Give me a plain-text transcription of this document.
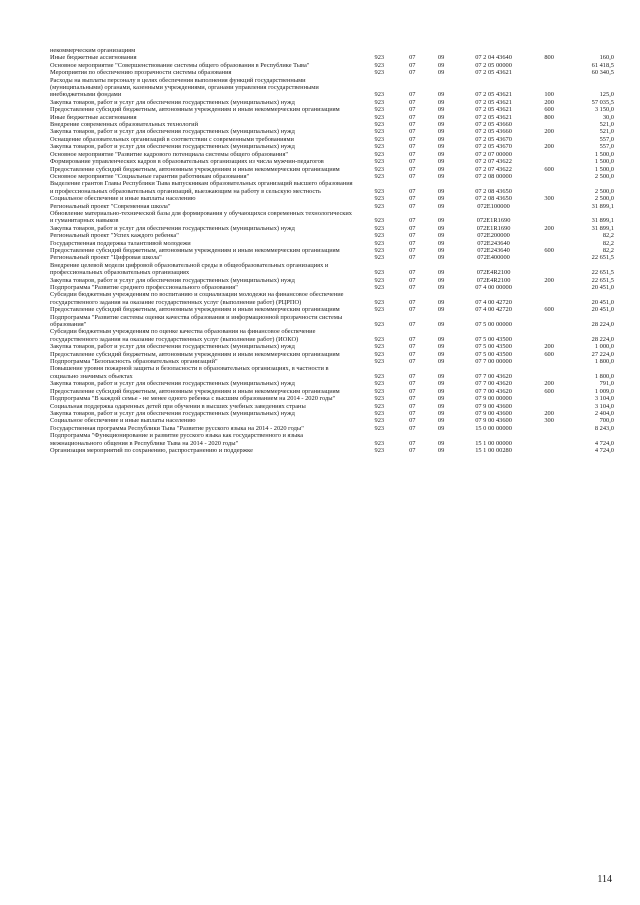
некоммерческим организациям						
Иные бюджетные ассигнования	923	07	09	07 2 04 43640	800	160,0
Основное мероприятие "Совершенствование системы общего образования в Республике Тыва"	923	07	09	07 2 05 00000		61 418,5
Мероприятия по обеспечению прозрачности системы образования	923	07	09	07 2 05 43621		60 340,5
Расходы на выплаты персоналу в целях обеспечения выполнения функций государственными (муниципальными) органами, казенными учреждениями, органами управления государственными внебюджетными фондами	923	07	09	07 2 05 43621	100	125,0
Закупка товаров, работ и услуг для обеспечения государственных (муниципальных) нужд	923	07	09	07 2 05 43621	200	57 035,5
Предоставление субсидий бюджетным, автономным учреждениям и иным некоммерческим организациям	923	07	09	07 2 05 43621	600	3 150,0
Иные бюджетные ассигнования	923	07	09	07 2 05 43621	800	30,0
Внедрение современных образовательных технологий	923	07	09	07 2 05 43660		521,0
Закупка товаров, работ и услуг для обеспечения государственных (муниципальных) нужд	923	07	09	07 2 05 43660	200	521,0
Оснащение образовательных организаций в соответствии с современными требованиями	923	07	09	07 2 05 43670		557,0
Закупка товаров, работ и услуг для обеспечения государственных (муниципальных) нужд	923	07	09	07 2 05 43670	200	557,0
Основное мероприятие "Развитие кадрового потенциала системы общего образования"	923	07	09	07 2 07 00000		1 500,0
Формирование управленческих кадров в образовательных организациях из числа мужчин-педагогов	923	07	09	07 2 07 43622		1 500,0
Предоставление субсидий бюджетным, автономным учреждениям и иным некоммерческим организациям	923	07	09	07 2 07 43622	600	1 500,0
Основное мероприятие "Социальные гарантии работникам образования"	923	07	09	07 2 08 00000		2 500,0
Выделение грантов Главы Республики Тыва выпускникам образовательных организаций высшего образования и профессиональных образовательных организаций, выезжающим на работу в сельскую местность	923	07	09	07 2 08 43650		2 500,0
Социальное обеспечение и иные выплаты населению	923	07	09	07 2 08 43650	300	2 500,0
Региональный проект "Современная школа"	923	07	09	072E100000		31 899,1
Обновление материально-технической базы для формирования у обучающихся современных технологических и гуманитарных навыков	923	07	09	072E1R1690		31 899,1
Закупка товаров, работ и услуг для обеспечения государственных (муниципальных) нужд	923	07	09	072E1R1690	200	31 899,1
Региональный проект "Успех каждого ребенка"	923	07	09	072E200000		82,2
Государственная поддержка талантливой молодежи	923	07	09	072E243640		82,2
Предоставление субсидий бюджетным, автономным учреждениям и иным некоммерческим организациям	923	07	09	072E243640	600	82,2
Региональный проект "Цифровая школа"	923	07	09	072E400000		22 651,5
Внедрение целевой модели цифровой образовательной среды в общеобразовательных организациях и профессиональных образовательных организациях	923	07	09	072E4R2100		22 651,5
Закупка товаров, работ и услуг для обеспечения государственных (муниципальных) нужд	923	07	09	072E4R2100	200	22 651,5
Подпрограмма "Развитие среднего профессионального образования"	923	07	09	07 4 00 00000		20 451,0
Субсидии бюджетным учреждениям по воспитанию и социализации молодежи на финансовое обеспечение государственного задания на оказание государственных услуг (выполнение работ) (РЦРПО)	923	07	09	07 4 00 42720		20 451,0
Предоставление субсидий бюджетным, автономным учреждениям и иным некоммерческим организациям	923	07	09	07 4 00 42720	600	20 451,0
Подпрограмма "Развитие системы оценки качества образования и информационной прозрачности системы образования"	923	07	09	07 5 00 00000		28 224,0
Субсидии бюджетным учреждениям по оценке качества образования на финансовое обеспечение государственного задания на оказание государственных услуг (выполнение работ) (ИОКО)	923	07	09	07 5 00 43500		28 224,0
Закупка товаров, работ и услуг для обеспечения государственных (муниципальных) нужд	923	07	09	07 5 00 43500	200	1 000,0
Предоставление субсидий бюджетным, автономным учреждениям и иным некоммерческим организациям	923	07	09	07 5 00 43500	600	27 224,0
Подпрограмма "Безопасность образовательных организаций"	923	07	09	07 7 00 00000		1 800,0
Повышение уровня пожарной защиты и безопасности в образовательных организациях, в частности в социально значимых объектах	923	07	09	07 7 00 43620		1 800,0
Закупка товаров, работ и услуг для обеспечения государственных (муниципальных) нужд	923	07	09	07 7 00 43620	200	791,0
Предоставление субсидий бюджетным, автономным учреждениям и иным некоммерческим организациям	923	07	09	07 7 00 43620	600	1 009,0
Подпрограмма "В каждой семье - не менее одного ребенка с высшим образованием на 2014 - 2020 годы"	923	07	09	07 9 00 00000		3 104,0
Социальная поддержка одаренных детей при обучении в высших учебных заведениях страны	923	07	09	07 9 00 43600		3 104,0
Закупка товаров, работ и услуг для обеспечения государственных (муниципальных) нужд	923	07	09	07 9 00 43600	200	2 404,0
Социальное обеспечение и иные выплаты населению	923	07	09	07 9 00 43600	300	700,0
Государственная программа Республики Тыва "Развитие русского языка на 2014 - 2020 годы"	923	07	09	15 0 00 00000		8 243,0
Подпрограмма "Функционирование и развитие русского языка как государственного и языка межнационального общения в Республике Тыва на 2014 - 2020 годы"	923	07	09	15 1 00 00000		4 724,0
Организация мероприятий по сохранению, распространению и поддержке	923	07	09	15 1 00 00280		4 724,0
114
